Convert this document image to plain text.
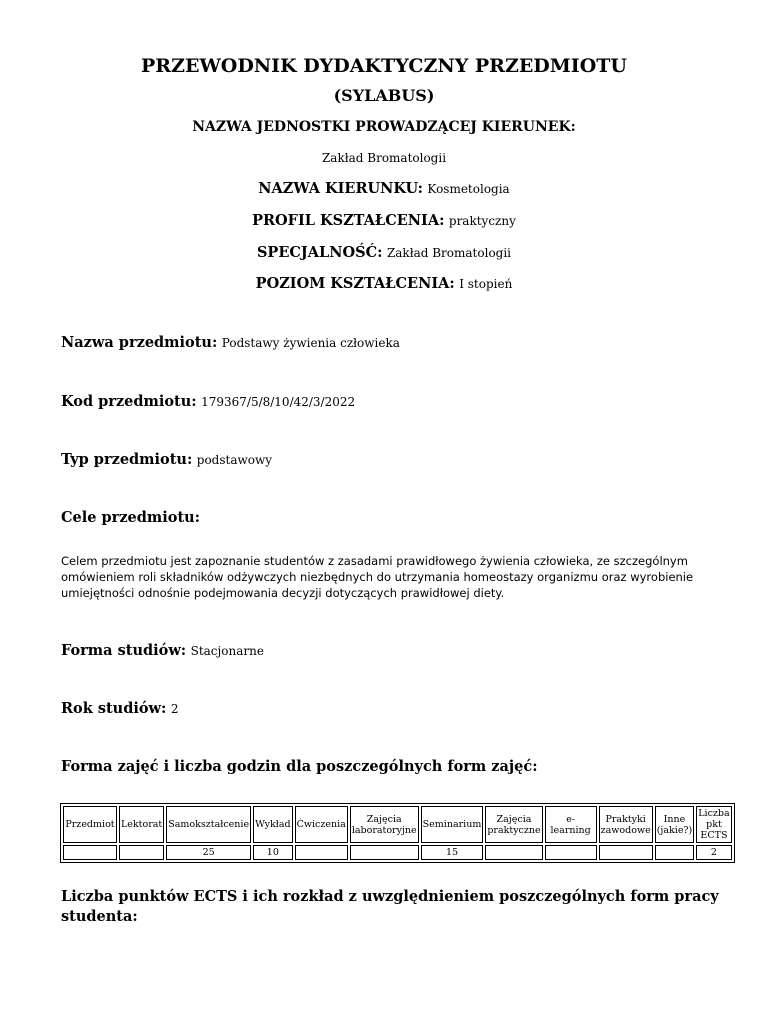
PRZEWODNIK DYDAKTYCZNY PRZEDMIOTU
(SYLABUS)
NAZWA JEDNOSTKI PROWADZĄCEJ KIERUNEK:
Zakład Bromatologii
NAZWA KIERUNKU: Kosmetologia
PROFIL KSZTAŁCENIA: praktyczny
SPECJALNOŚĆ: Zakład Bromatologii
POZIOM KSZTAŁCENIA: I stopień
Nazwa przedmiotu: Podstawy żywienia człowieka
Kod przedmiotu: 179367/5/8/10/42/3/2022
Typ przedmiotu: podstawowy
Cele przedmiotu:
Celem przedmiotu jest zapoznanie studentów z zasadami prawidłowego żywienia człowieka, ze szczególnym omówieniem roli składników odżywczych niezbędnych do utrzymania homeostazy organizmu oraz wyrobienie umiejętności odnośnie podejmowania decyzji dotyczących prawidłowej diety.
Forma studiów: Stacjonarne
Rok studiów: 2
Forma zajęć i liczba godzin dla poszczególnych form zajęć:
Przedmiot	Lektorat	Samokształcenie	Wykład	Ćwiczenia	Zajęcia laboratoryjne	Seminarium	Zajęcia praktyczne	e-learning	Praktyki zawodowe	Inne (jakie?)	Liczba pkt ECTS
		25	10			15					2
Liczba punktów ECTS i ich rozkład z uwzględnieniem poszczególnych form pracy studenta:
